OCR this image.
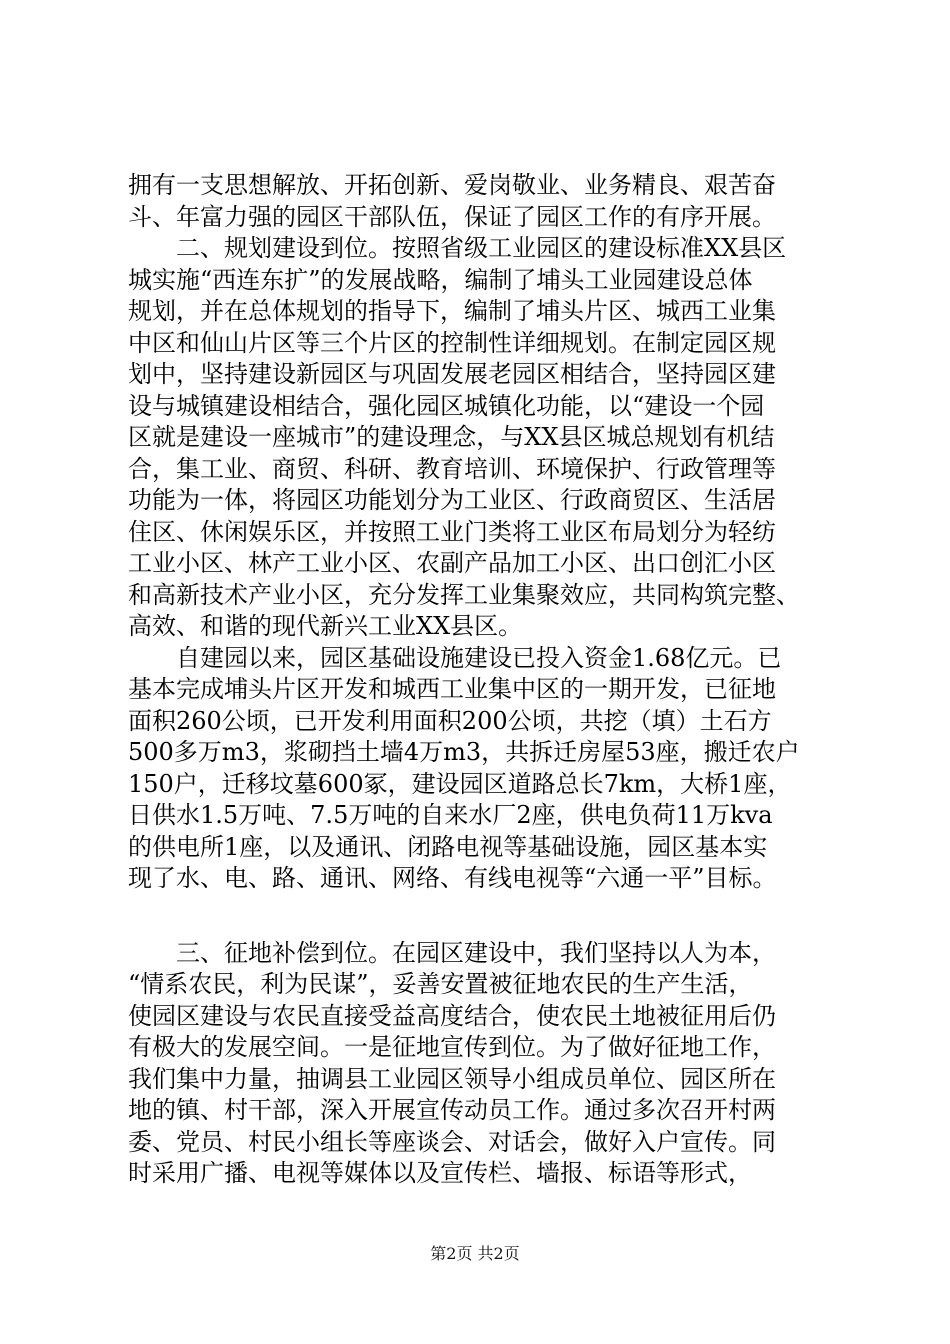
拥有一支思想解放、开拓创新、爱岗敬业、业务精良、艰苦奋
斗、年富力强的园区干部队伍，保证了园区工作的有序开展。
　　二、规划建设到位。按照省级工业园区的建设标准XX县区
城实施“西连东扩”的发展战略，编制了埔头工业园建设总体
规划，并在总体规划的指导下，编制了埔头片区、城西工业集
中区和仙山片区等三个片区的控制性详细规划。在制定园区规
划中，坚持建设新园区与巩固发展老园区相结合，坚持园区建
设与城镇建设相结合，强化园区城镇化功能，以“建设一个园
区就是建设一座城市”的建设理念，与XX县区城总规划有机结
合，集工业、商贸、科研、教育培训、环境保护、行政管理等
功能为一体，将园区功能划分为工业区、行政商贸区、生活居
住区、休闲娱乐区，并按照工业门类将工业区布局划分为轻纺
工业小区、林产工业小区、农副产品加工小区、出口创汇小区
和高新技术产业小区，充分发挥工业集聚效应，共同构筑完整、
高效、和谐的现代新兴工业XX县区。
　　自建园以来，园区基础设施建设已投入资金1.68亿元。已
基本完成埔头片区开发和城西工业集中区的一期开发，已征地
面积260公顷，已开发利用面积200公顷，共挖（填）土石方
500多万m3，浆砌挡土墙4万m3，共拆迁房屋53座，搬迁农户
150户，迁移坟墓600冢，建设园区道路总长7km，大桥1座，
日供水1.5万吨、7.5万吨的自来水厂2座，供电负荷11万kva
的供电所1座，以及通讯、闭路电视等基础设施，园区基本实
现了水、电、路、通讯、网络、有线电视等“六通一平”目标。
　　三、征地补偿到位。在园区建设中，我们坚持以人为本，
“情系农民，利为民谋”，妥善安置被征地农民的生产生活，
使园区建设与农民直接受益高度结合，使农民土地被征用后仍
有极大的发展空间。一是征地宣传到位。为了做好征地工作，
我们集中力量，抽调县工业园区领导小组成员单位、园区所在
地的镇、村干部，深入开展宣传动员工作。通过多次召开村两
委、党员、村民小组长等座谈会、对话会，做好入户宣传。同
时采用广播、电视等媒体以及宣传栏、墙报、标语等形式，
第2页 共2页
